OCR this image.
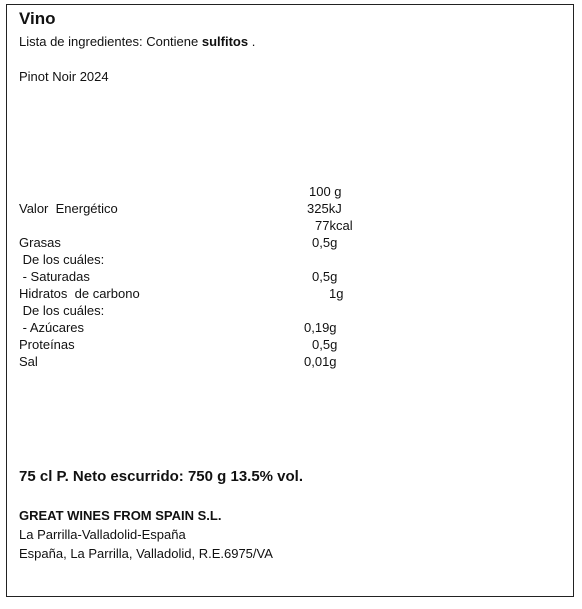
Vino
Lista de ingredientes: Contiene sulfitos .
Pinot Noir 2024
100 g
Valor  Energético	325kJ
77kcal
Grasas	0,5g
De los cuáles:
- Saturadas	0,5g
Hidratos  de carbono	1g
De los cuáles:
- Azúcares	0,19g
Proteínas	0,5g
Sal	0,01g
75 cl P. Neto escurrido: 750 g 13.5% vol.
GREAT WINES FROM SPAIN S.L.
La Parrilla-Valladolid-España
España, La Parrilla, Valladolid, R.E.6975/VA
